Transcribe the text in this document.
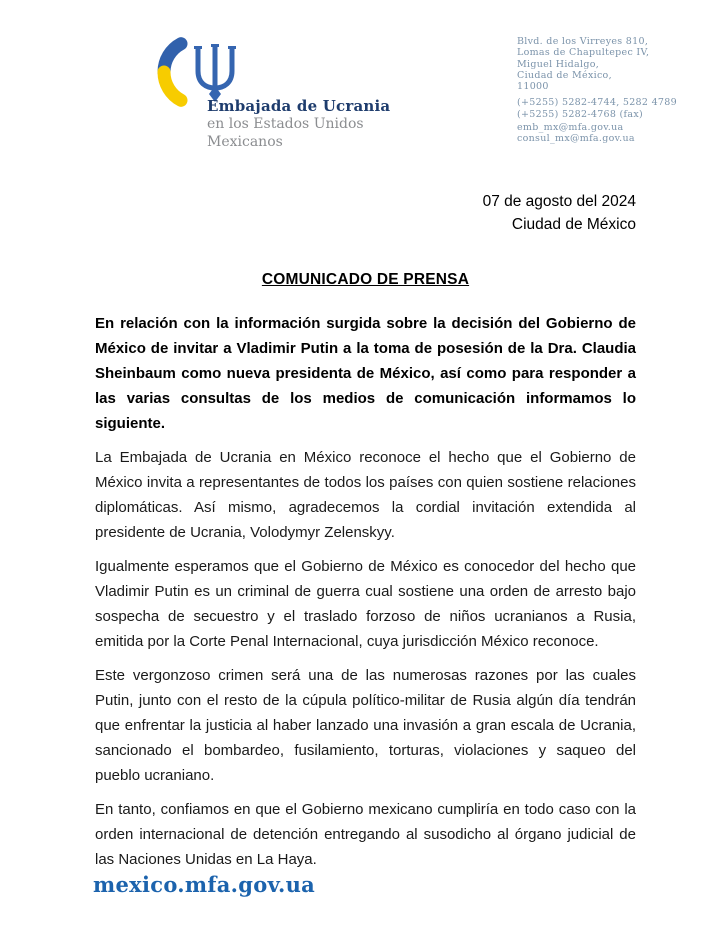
Embajada de Ucrania
en los Estados Unidos
Mexicanos
Blvd. de los Virreyes 810,
Lomas de Chapultepec IV,
Miguel Hidalgo,
Ciudad de México,
11000
(+5255) 5282-4744, 5282 4789
(+5255) 5282-4768 (fax)
emb_mx@mfa.gov.ua
consul_mx@mfa.gov.ua
07 de agosto del 2024
Ciudad de México
COMUNICADO DE PRENSA

En relación con la información surgida sobre la decisión del Gobierno de México de invitar a Vladimir Putin a la toma de posesión de la Dra. Claudia Sheinbaum como nueva presidenta de México, así como para responder a las varias consultas de los medios de comunicación informamos lo siguiente.

La Embajada de Ucrania en México reconoce el hecho que el Gobierno de México invita a representantes de todos los países con quien sostiene relaciones diplomáticas. Así mismo, agradecemos la cordial invitación extendida al presidente de Ucrania, Volodymyr Zelenskyy.

Igualmente esperamos que el Gobierno de México es conocedor del hecho que Vladimir Putin es un criminal de guerra cual sostiene una orden de arresto bajo sospecha de secuestro y el traslado forzoso de niños ucranianos a Rusia, emitida por la Corte Penal Internacional, cuya jurisdicción México reconoce.

Este vergonzoso crimen será una de las numerosas razones por las cuales Putin, junto con el resto de la cúpula político-militar de Rusia algún día tendrán que enfrentar la justicia al haber lanzado una invasión a gran escala de Ucrania, sancionado el bombardeo, fusilamiento, torturas, violaciones y saqueo del pueblo ucraniano.

En tanto, confiamos en que el Gobierno mexicano cumpliría en todo caso con la orden internacional de detención entregando al susodicho al órgano judicial de las Naciones Unidas en La Haya.

mexico.mfa.gov.ua
